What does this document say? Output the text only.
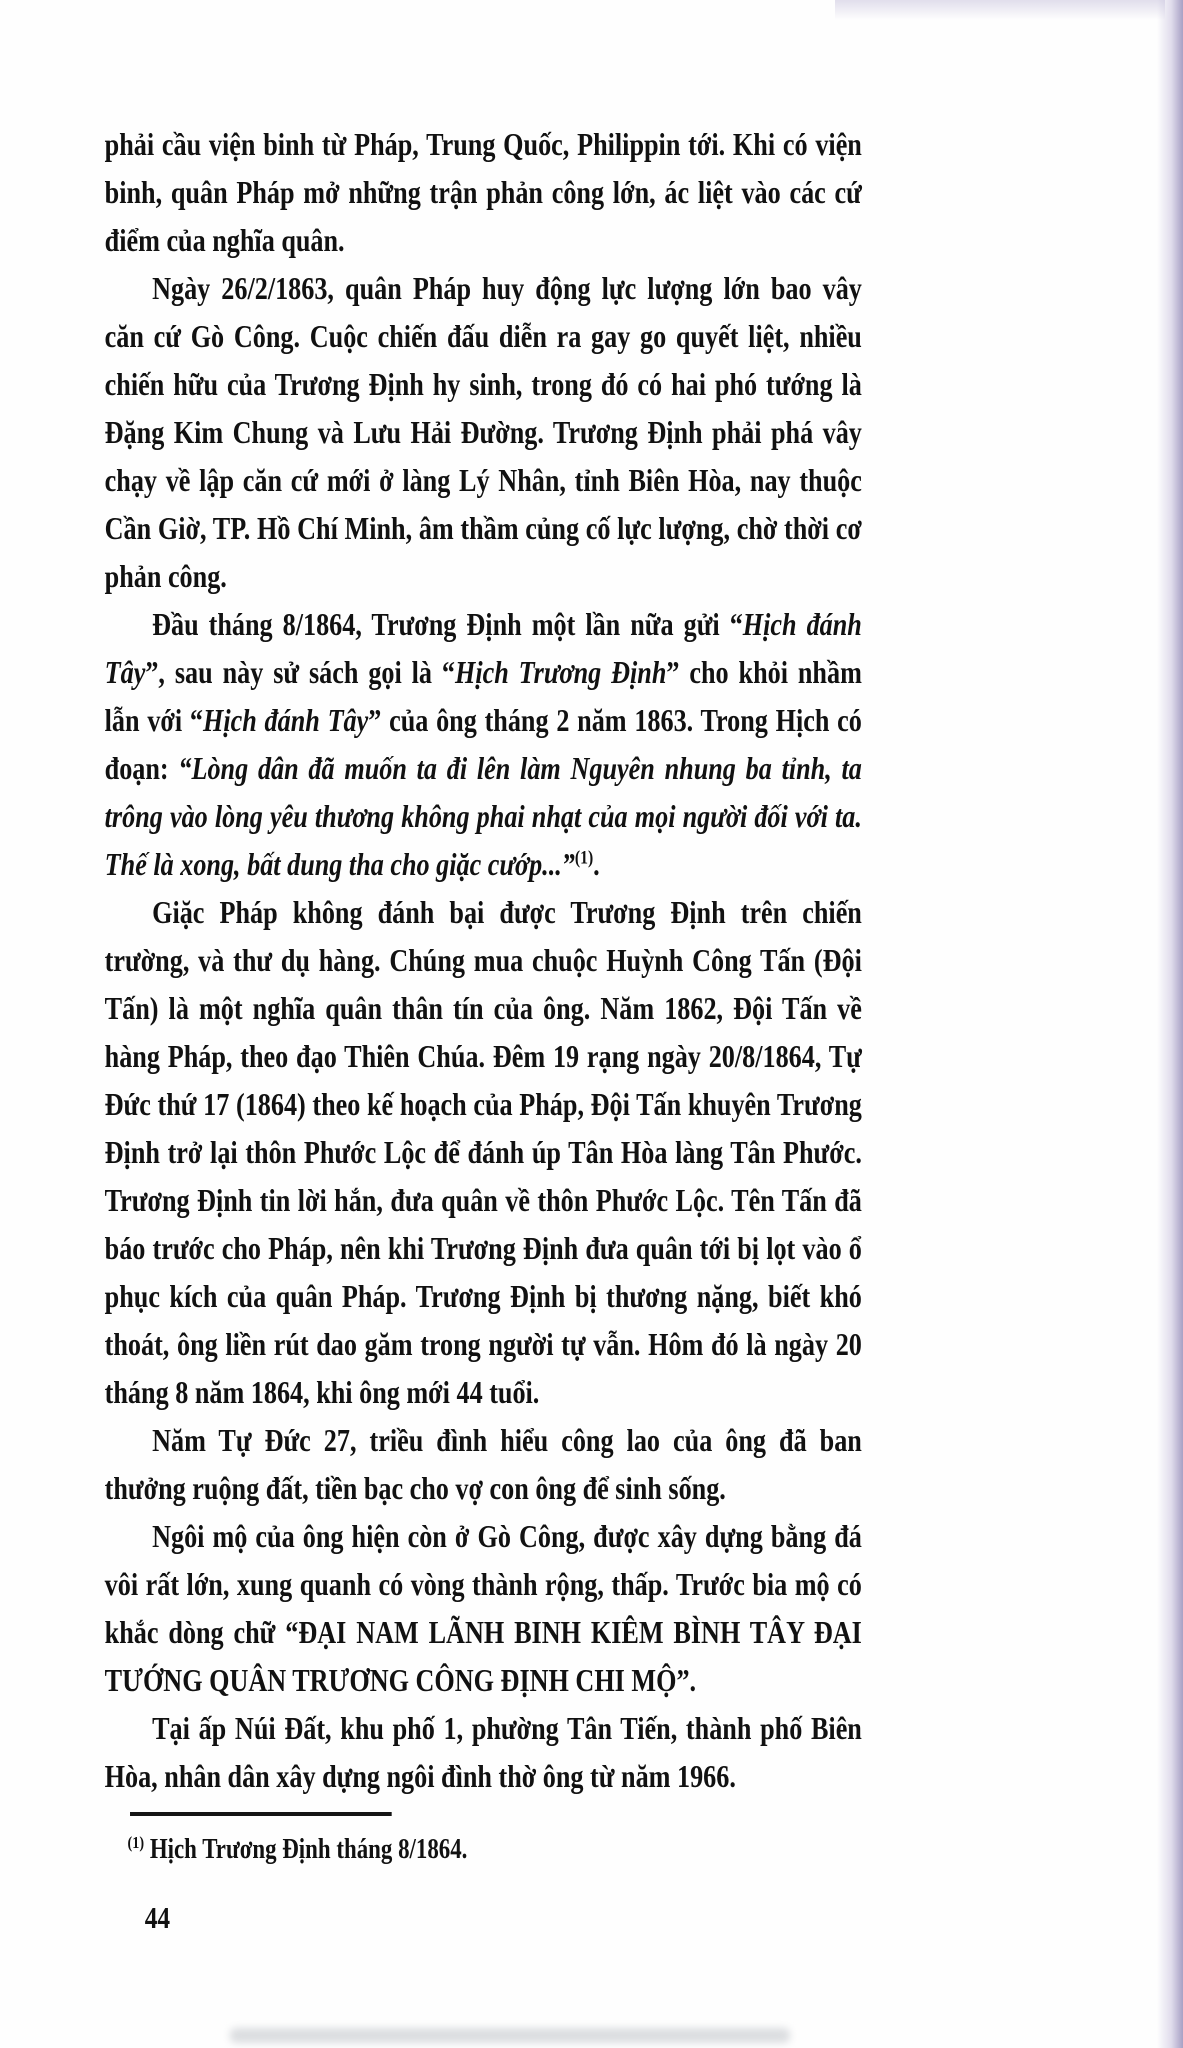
phải cầu viện binh từ Pháp, Trung Quốc, Philippin tới. Khi có viện binh, quân Pháp mở những trận phản công lớn, ác liệt vào các cứ điểm của nghĩa quân.

Ngày 26/2/1863, quân Pháp huy động lực lượng lớn bao vây căn cứ Gò Công. Cuộc chiến đấu diễn ra gay go quyết liệt, nhiều chiến hữu của Trương Định hy sinh, trong đó có hai phó tướng là Đặng Kim Chung và Lưu Hải Đường. Trương Định phải phá vây chạy về lập căn cứ mới ở làng Lý Nhân, tỉnh Biên Hòa, nay thuộc Cần Giờ, TP. Hồ Chí Minh, âm thầm củng cố lực lượng, chờ thời cơ phản công.

Đầu tháng 8/1864, Trương Định một lần nữa gửi “Hịch đánh Tây”, sau này sử sách gọi là “Hịch Trương Định” cho khỏi nhầm lẫn với “Hịch đánh Tây” của ông tháng 2 năm 1863. Trong Hịch có đoạn: “Lòng dân đã muốn ta đi lên làm Nguyên nhung ba tỉnh, ta trông vào lòng yêu thương không phai nhạt của mọi người đối với ta. Thế là xong, bất dung tha cho giặc cướp...”$^{(1)}$.

Giặc Pháp không đánh bại được Trương Định trên chiến trường, và thư dụ hàng. Chúng mua chuộc Huỳnh Công Tấn (Đội Tấn) là một nghĩa quân thân tín của ông. Năm 1862, Đội Tấn về hàng Pháp, theo đạo Thiên Chúa. Đêm 19 rạng ngày 20/8/1864, Tự Đức thứ 17 (1864) theo kế hoạch của Pháp, Đội Tấn khuyên Trương Định trở lại thôn Phước Lộc để đánh úp Tân Hòa làng Tân Phước. Trương Định tin lời hắn, đưa quân về thôn Phước Lộc. Tên Tấn đã báo trước cho Pháp, nên khi Trương Định đưa quân tới bị lọt vào ổ phục kích của quân Pháp. Trương Định bị thương nặng, biết khó thoát, ông liền rút dao găm trong người tự vẫn. Hôm đó là ngày 20 tháng 8 năm 1864, khi ông mới 44 tuổi.

Năm Tự Đức 27, triều đình hiểu công lao của ông đã ban thưởng ruộng đất, tiền bạc cho vợ con ông để sinh sống.

Ngôi mộ của ông hiện còn ở Gò Công, được xây dựng bằng đá vôi rất lớn, xung quanh có vòng thành rộng, thấp. Trước bia mộ có khắc dòng chữ “ĐẠI NAM LÃNH BINH KIÊM BÌNH TÂY ĐẠI TƯỚNG QUÂN TRƯƠNG CÔNG ĐỊNH CHI MỘ”.

Tại ấp Núi Đất, khu phố 1, phường Tân Tiến, thành phố Biên Hòa, nhân dân xây dựng ngôi đình thờ ông từ năm 1966.

$^{(1)}$ Hịch Trương Định tháng 8/1864.
44
